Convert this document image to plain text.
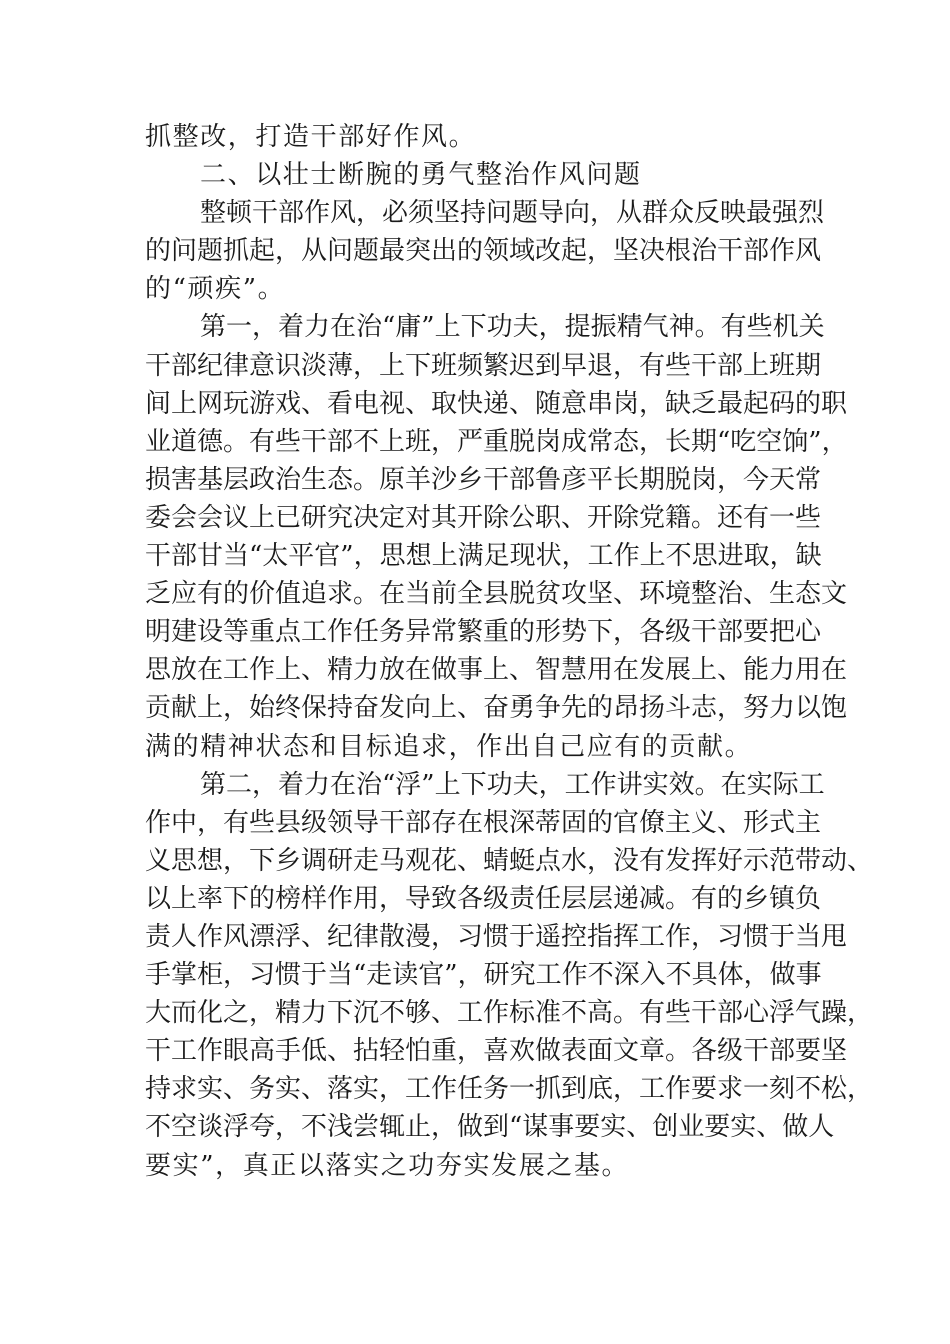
抓整改，打造干部好作风。
二、以壮士断腕的勇气整治作风问题
整顿干部作风，必须坚持问题导向，从群众反映最强烈
的问题抓起，从问题最突出的领域改起，坚决根治干部作风
的“顽疾”。
第一，着力在治“庸”上下功夫，提振精气神。有些机关
干部纪律意识淡薄，上下班频繁迟到早退，有些干部上班期
间上网玩游戏、看电视、取快递、随意串岗，缺乏最起码的职
业道德。有些干部不上班，严重脱岗成常态，长期“吃空饷”，
损害基层政治生态。原羊沙乡干部鲁彦平长期脱岗，今天常
委会会议上已研究决定对其开除公职、开除党籍。还有一些
干部甘当“太平官”，思想上满足现状，工作上不思进取，缺
乏应有的价值追求。在当前全县脱贫攻坚、环境整治、生态文
明建设等重点工作任务异常繁重的形势下，各级干部要把心
思放在工作上、精力放在做事上、智慧用在发展上、能力用在
贡献上，始终保持奋发向上、奋勇争先的昂扬斗志，努力以饱
满的精神状态和目标追求，作出自己应有的贡献。
第二，着力在治“浮”上下功夫，工作讲实效。在实际工
作中，有些县级领导干部存在根深蒂固的官僚主义、形式主
义思想，下乡调研走马观花、蜻蜓点水，没有发挥好示范带动、
以上率下的榜样作用，导致各级责任层层递减。有的乡镇负
责人作风漂浮、纪律散漫，习惯于遥控指挥工作，习惯于当甩
手掌柜，习惯于当“走读官”，研究工作不深入不具体，做事
大而化之，精力下沉不够、工作标准不高。有些干部心浮气躁，
干工作眼高手低、拈轻怕重，喜欢做表面文章。各级干部要坚
持求实、务实、落实，工作任务一抓到底，工作要求一刻不松，
不空谈浮夸，不浅尝辄止，做到“谋事要实、创业要实、做人
要实”，真正以落实之功夯实发展之基。
